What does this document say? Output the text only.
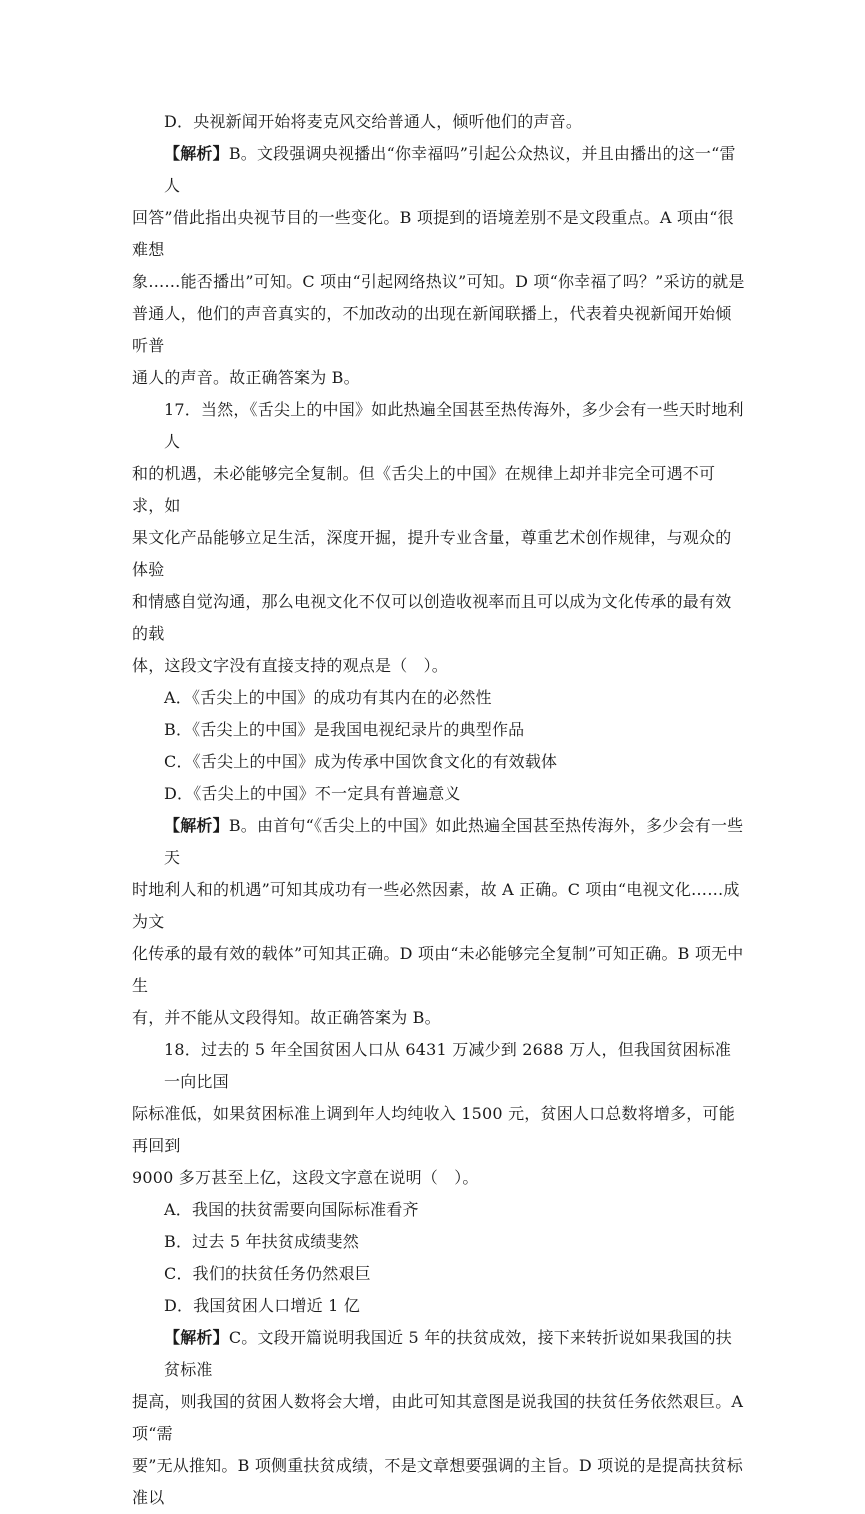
D．央视新闻开始将麦克风交给普通人，倾听他们的声音。

【解析】B。文段强调央视播出“你幸福吗”引起公众热议，并且由播出的这一“雷人

回答”借此指出央视节目的一些变化。B 项提到的语境差别不是文段重点。A 项由“很难想

象……能否播出”可知。C 项由“引起网络热议”可知。D 项“你幸福了吗？”采访的就是

普通人，他们的声音真实的，不加改动的出现在新闻联播上，代表着央视新闻开始倾听普

通人的声音。故正确答案为 B。

17．当然，《舌尖上的中国》如此热遍全国甚至热传海外，多少会有一些天时地利人

和的机遇，未必能够完全复制。但《舌尖上的中国》在规律上却并非完全可遇不可求，如

果文化产品能够立足生活，深度开掘，提升专业含量，尊重艺术创作规律，与观众的体验

和情感自觉沟通，那么电视文化不仅可以创造收视率而且可以成为文化传承的最有效的载

体，这段文字没有直接支持的观点是（　）。

A．《舌尖上的中国》的成功有其内在的必然性

B．《舌尖上的中国》是我国电视纪录片的典型作品

C．《舌尖上的中国》成为传承中国饮食文化的有效载体

D．《舌尖上的中国》不一定具有普遍意义

【解析】B。由首句“《舌尖上的中国》如此热遍全国甚至热传海外，多少会有一些天

时地利人和的机遇”可知其成功有一些必然因素，故 A 正确。C 项由“电视文化……成为文

化传承的最有效的载体”可知其正确。D 项由“未必能够完全复制”可知正确。B 项无中生

有，并不能从文段得知。故正确答案为 B。

18．过去的 5 年全国贫困人口从 6431 万减少到 2688 万人，但我国贫困标准一向比国

际标准低，如果贫困标准上调到年人均纯收入 1500 元，贫困人口总数将增多，可能再回到

9000 多万甚至上亿，这段文字意在说明（　）。

A．我国的扶贫需要向国际标准看齐

B．过去 5 年扶贫成绩斐然

C．我们的扶贫任务仍然艰巨

D．我国贫困人口增近 1 亿

【解析】C。文段开篇说明我国近 5 年的扶贫成效，接下来转折说如果我国的扶贫标准

提高，则我国的贫困人数将会大增，由此可知其意图是说我国的扶贫任务依然艰巨。A 项“需

要”无从推知。B 项侧重扶贫成绩，不是文章想要强调的主旨。D 项说的是提高扶贫标准以
